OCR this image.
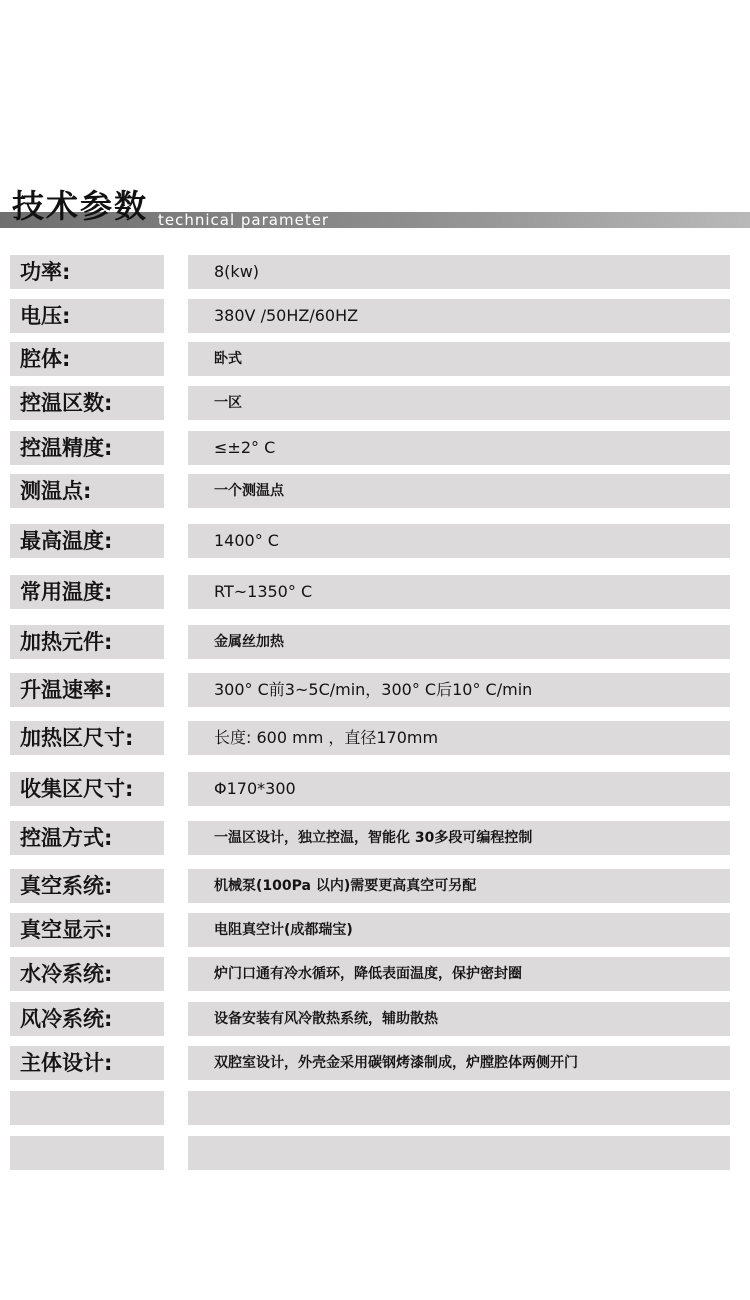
技术参数 technical parameter
功率:	8(kw)
电压:	380V /50HZ/60HZ
腔体:	卧式
控温区数:	一区
控温精度:	≤±2° C
测温点:	一个测温点
最高温度:	1400° C
常用温度:	RT~1350° C
加热元件:	金属丝加热
升温速率:	300° C前3~5C/min，300° C后10° C/min
加热区尺寸:	长度: 600 mm ，直径170mm
收集区尺寸:	Φ170*300
控温方式:	一温区设计，独立控温，智能化 30多段可编程控制
真空系统:	机械泵(100Pa 以内)需要更高真空可另配
真空显示:	电阻真空计(成都瑞宝)
水冷系统:	炉门口通有冷水循环，降低表面温度，保护密封圈
风冷系统:	设备安装有风冷散热系统，辅助散热
主体设计:	双腔室设计，外壳金采用碳钢烤漆制成，炉膛腔体两侧开门
